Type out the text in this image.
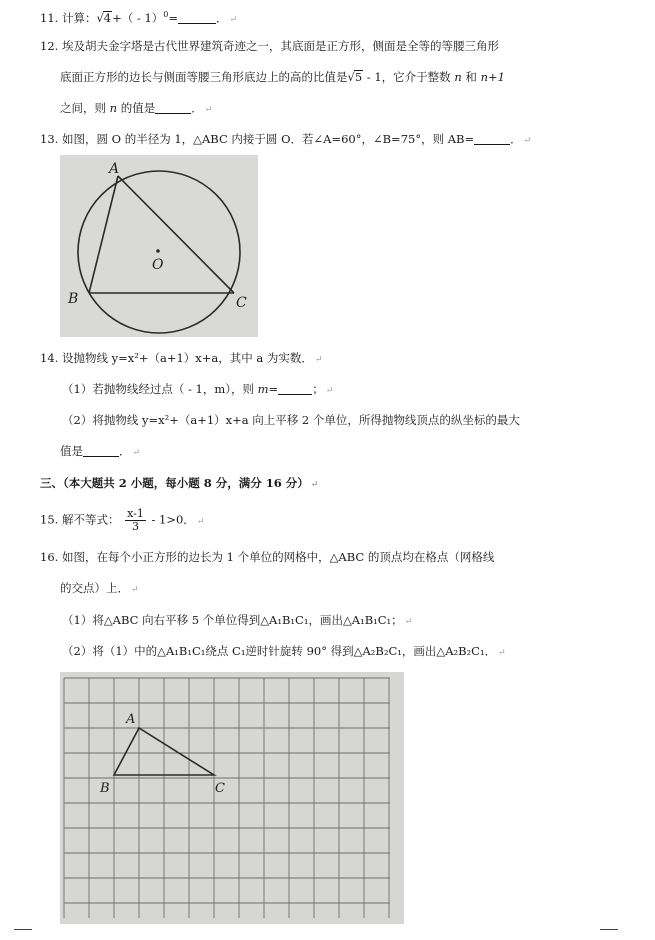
11. 计算：√4+（ - 1）$^0$=	． ↵
12. 埃及胡夫金字塔是古代世界建筑奇迹之一，其底面是正方形，侧面是全等的等腰三角形
底面正方形的边长与侧面等腰三角形底边上的高的比值是√5 - 1，它介于整数 n 和 n+1
之间，则 n 的值是	． ↵
13. 如图，圆 O 的半径为 1，△ABC 内接于圆 O．若∠A=60°，∠B=75°，则 AB=	． ↵
A
B	C
O
14. 设抛物线 y=x²+（a+1）x+a，其中 a 为实数． ↵
（1）若抛物线经过点（ - 1，m），则 m=	； ↵
（2）将抛物线 y=x²+（a+1）x+a 向上平移 2 个单位，所得抛物线顶点的纵坐标的最大
值是	． ↵
三、（本大题共 2 小题，每小题 8 分，满分 16 分） ↵
15. 解不等式： $\frac{x-1}{3} - 1>0$． ↵
16. 如图，在每个小正方形的边长为 1 个单位的网格中，△ABC 的顶点均在格点（网格线
的交点）上． ↵
（1）将△ABC 向右平移 5 个单位得到△A₁B₁C₁，画出△A₁B₁C₁； ↵
（2）将（1）中的△A₁B₁C₁绕点 C₁逆时针旋转 90° 得到△A₂B₂C₁，画出△A₂B₂C₁． ↵
A
B	C
